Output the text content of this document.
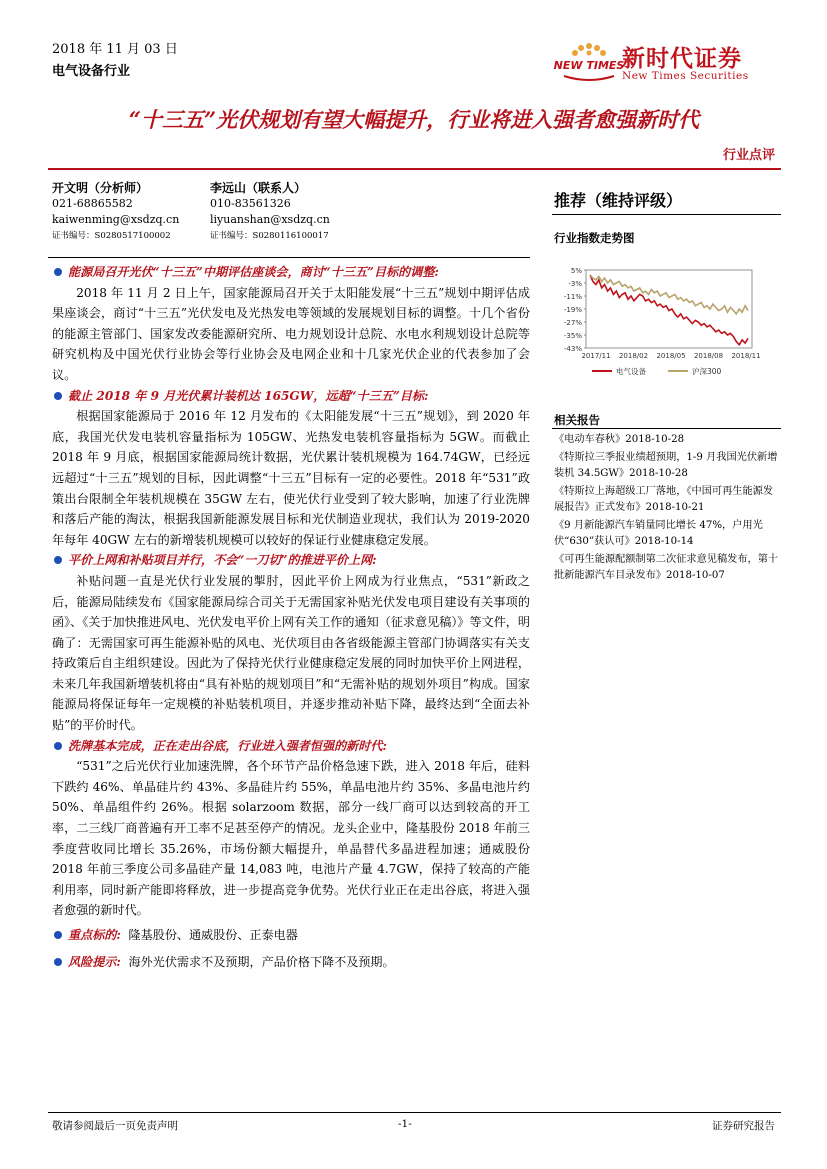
2018 年 11 月 03 日
电气设备行业	NEW TIMES
新时代证券
New Times Securities
“十三五”光伏规划有望大幅提升，行业将进入强者愈强新时代
行业点评
开文明（分析师）
021-68865582
kaiwenming@xsdzq.cn
证书编号：S0280517100002
李远山（联系人）
010-83561326
liyuanshan@xsdzq.cn
证书编号：S0280116100017
推荐（维持评级）
行业指数走势图
5%
-3%
-11%
-19%
-27%
-35%
-43%
2017/11 2018/02 2018/05 2018/08 2018/11
电气设备	沪深300
相关报告
《电动车春秋》2018-10-28
《特斯拉三季报业绩超预期，1-9 月我国光伏新增装机 34.5GW》2018-10-28
《特斯拉上海超级工厂落地，《中国可再生能源发展报告》正式发布》2018-10-21
《9 月新能源汽车销量同比增长 47%，户用光伏“630”获认可》2018-10-14
《可再生能源配额制第二次征求意见稿发布，第十批新能源汽车目录发布》2018-10-07
能源局召开光伏“十三五”中期评估座谈会，商讨“十三五”目标的调整:

2018 年 11 月 2 日上午，国家能源局召开关于太阳能发展“十三五”规划中期评估成果座谈会，商讨“十三五”光伏发电及光热发电等领域的发展规划目标的调整。十几个省份的能源主管部门、国家发改委能源研究所、电力规划设计总院、水电水利规划设计总院等研究机构及中国光伏行业协会等行业协会及电网企业和十几家光伏企业的代表参加了会议。

截止 2018 年 9 月光伏累计装机达 165GW，远超“十三五”目标:

根据国家能源局于 2016 年 12 月发布的《太阳能发展“十三五”规划》，到 2020 年底，我国光伏发电装机容量指标为 105GW、光热发电装机容量指标为 5GW。而截止 2018 年 9 月底，根据国家能源局统计数据，光伏累计装机规模为 164.74GW，已经远远超过“十三五”规划的目标，因此调整“十三五”目标有一定的必要性。2018 年“531”政策出台限制全年装机规模在 35GW 左右，使光伏行业受到了较大影响，加速了行业洗牌和落后产能的淘汰，根据我国新能源发展目标和光伏制造业现状，我们认为 2019-2020 年每年 40GW 左右的新增装机规模可以较好的保证行业健康稳定发展。

平价上网和补贴项目并行，不会“一刀切”的推进平价上网:

补贴问题一直是光伏行业发展的掣肘，因此平价上网成为行业焦点，“531”新政之后，能源局陆续发布《国家能源局综合司关于无需国家补贴光伏发电项目建设有关事项的函》、《关于加快推进风电、光伏发电平价上网有关工作的通知（征求意见稿）》等文件，明确了：无需国家可再生能源补贴的风电、光伏项目由各省级能源主管部门协调落实有关支持政策后自主组织建设。因此为了保持光伏行业健康稳定发展的同时加快平价上网进程，未来几年我国新增装机将由“具有补贴的规划项目”和“无需补贴的规划外项目”构成。国家能源局将保证每年一定规模的补贴装机项目，并逐步推动补贴下降，最终达到“全面去补贴”的平价时代。

洗牌基本完成，正在走出谷底，行业进入强者恒强的新时代:

“531”之后光伏行业加速洗牌，各个环节产品价格急速下跌，进入 2018 年后，硅料下跌约 46%、单晶硅片约 43%、多晶硅片约 55%，单晶电池片约 35%、多晶电池片约 50%、单晶组件约 26%。根据 solarzoom 数据，部分一线厂商可以达到较高的开工率，二三线厂商普遍有开工率不足甚至停产的情况。龙头企业中，隆基股份 2018 年前三季度营收同比增长 35.26%，市场份额大幅提升，单晶替代多晶进程加速；通威股份 2018 年前三季度公司多晶硅产量 14,083 吨，电池片产量 4.7GW，保持了较高的产能利用率，同时新产能即将释放，进一步提高竞争优势。光伏行业正在走出谷底，将进入强者愈强的新时代。

重点标的: 隆基股份、通威股份、正泰电器
风险提示: 海外光伏需求不及预期，产品价格下降不及预期。
敬请参阅最后一页免责声明	-1-	证券研究报告
